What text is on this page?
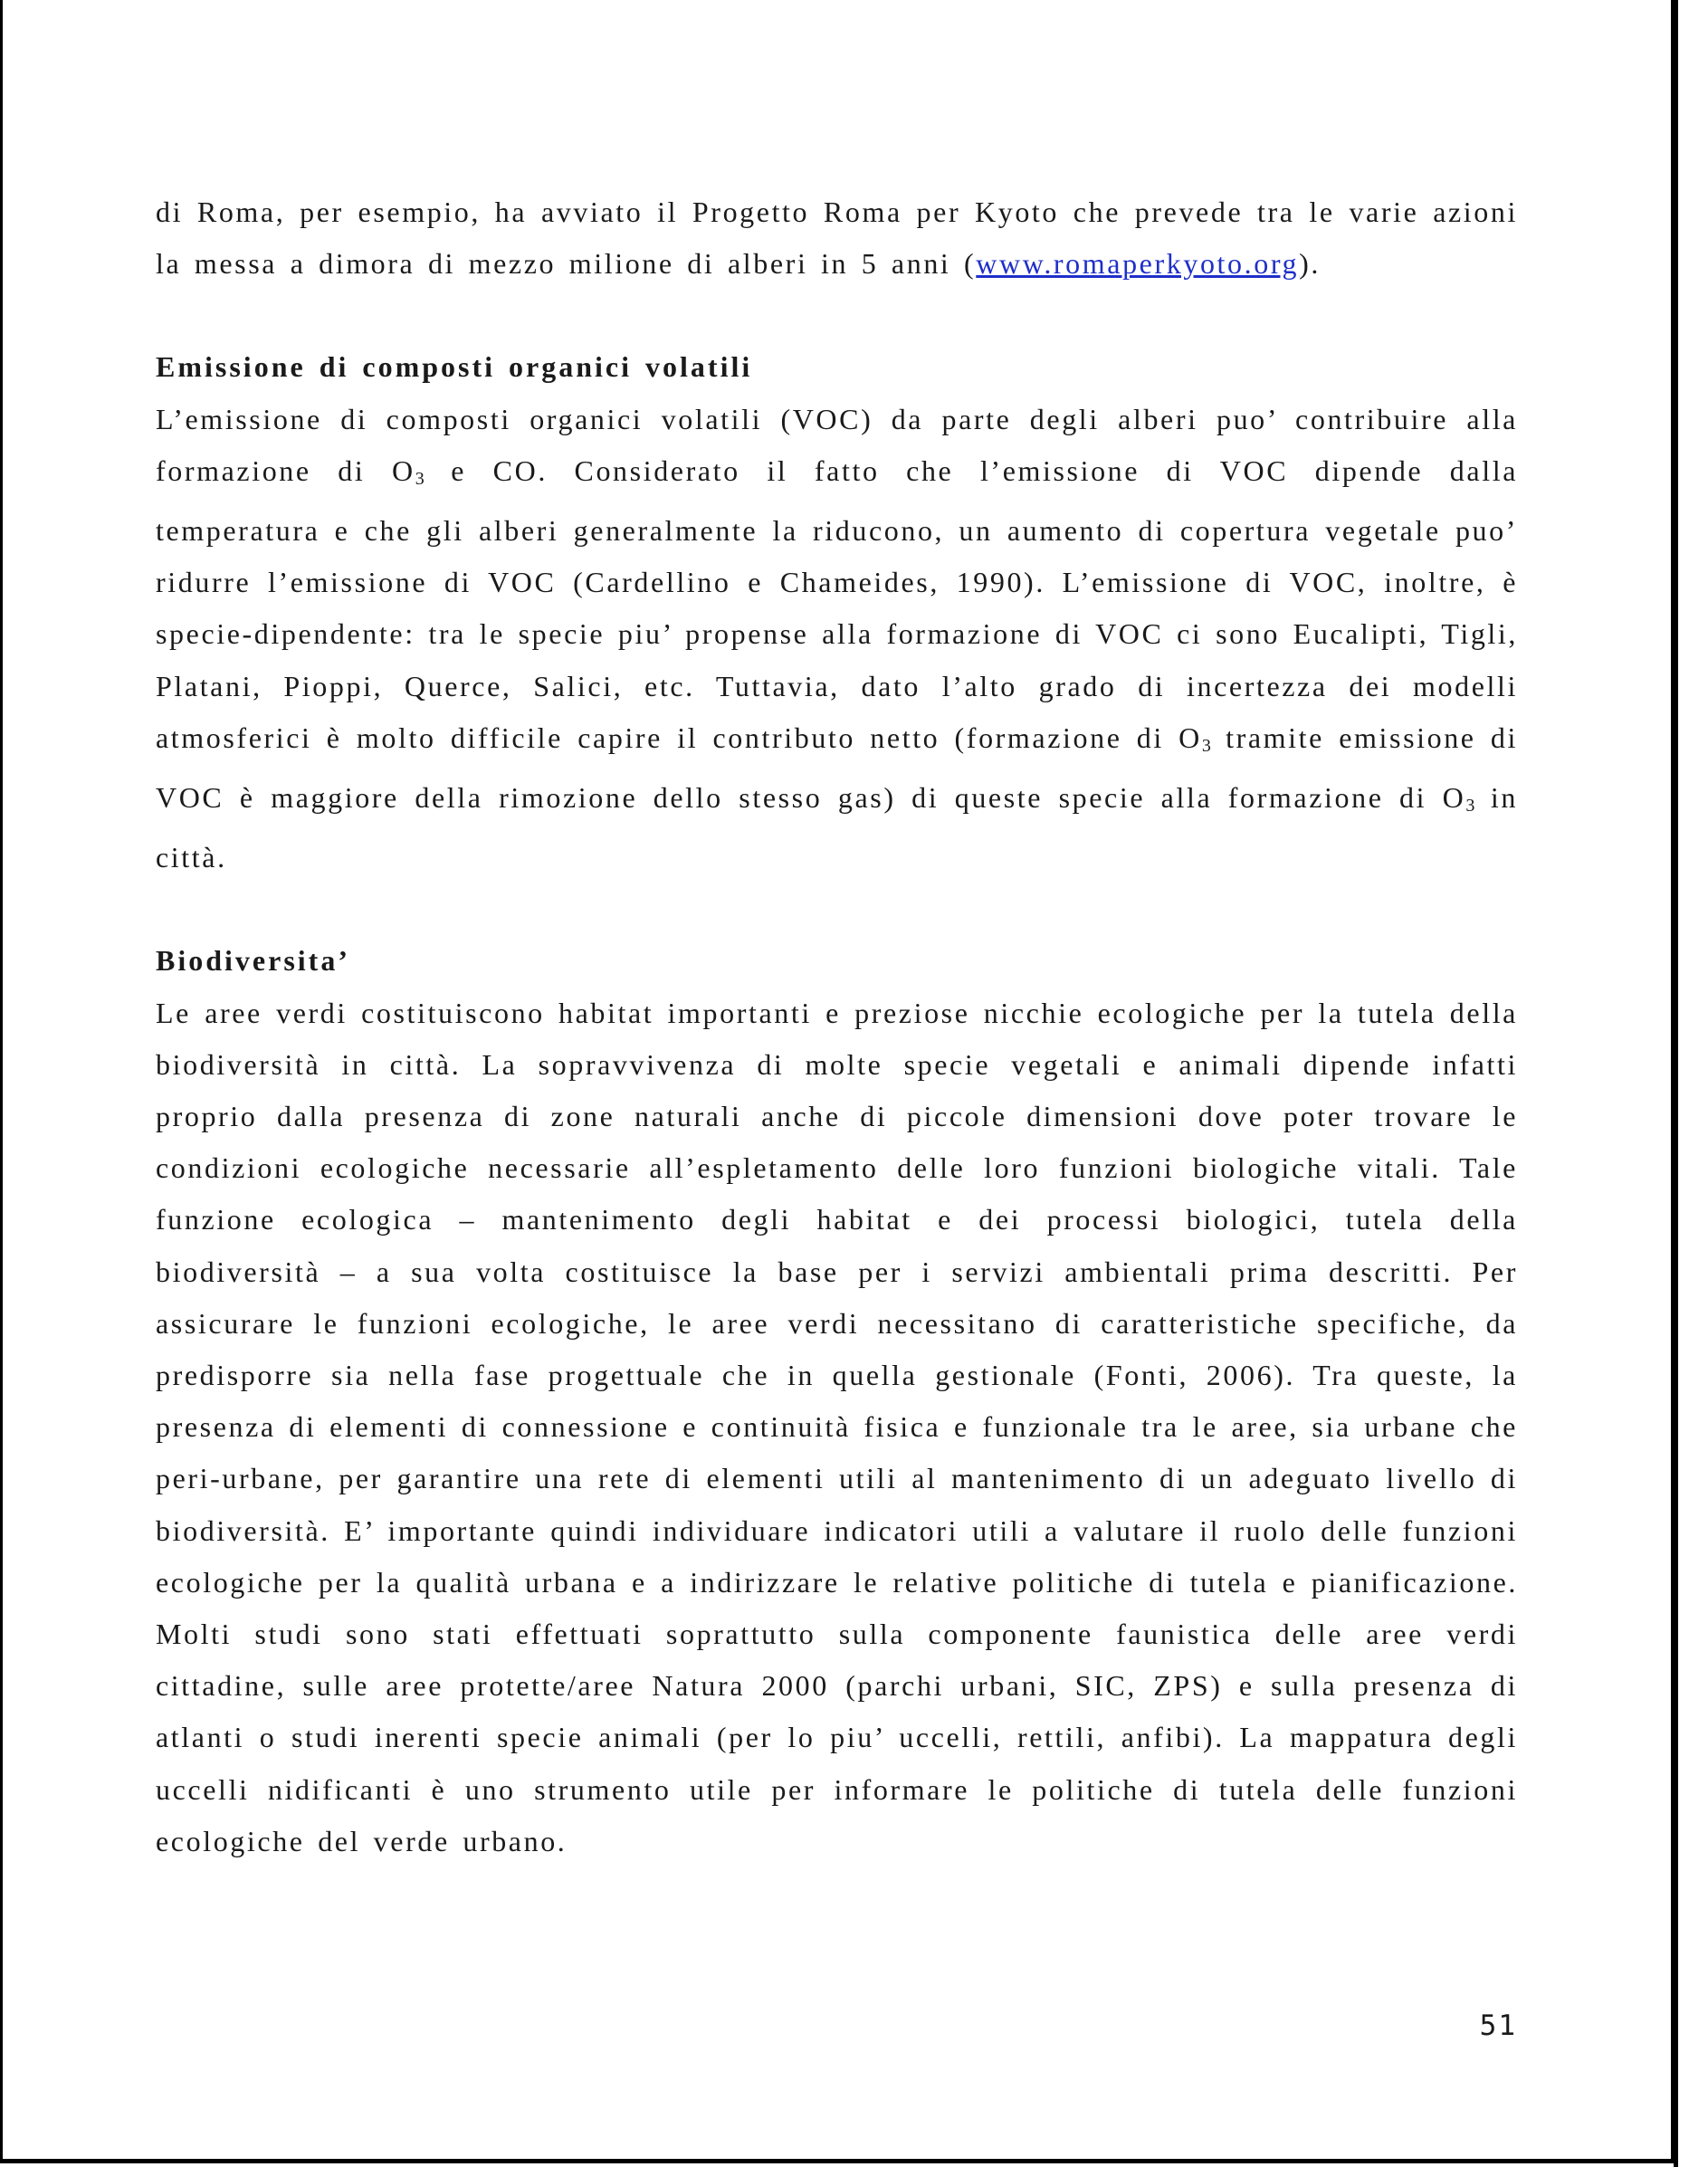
di Roma, per esempio, ha avviato il Progetto Roma per Kyoto che prevede tra le varie azioni la messa a dimora di mezzo milione di alberi in 5 anni (www.romaperkyoto.org).

Emissione di composti organici volatili

L’emissione di composti organici volatili (VOC) da parte degli alberi puo’ contribuire alla formazione di $O_3$ e CO. Considerato il fatto che l’emissione di VOC dipende dalla temperatura e che gli alberi generalmente la riducono, un aumento di copertura vegetale puo’ ridurre l’emissione di VOC (Cardellino e Chameides, 1990). L’emissione di VOC, inoltre, è specie-dipendente: tra le specie piu’ propense alla formazione di VOC ci sono Eucalipti, Tigli, Platani, Pioppi, Querce, Salici, etc. Tuttavia, dato l’alto grado di incertezza dei modelli atmosferici è molto difficile capire il contributo netto (formazione di $O_3$ tramite emissione di VOC è maggiore della rimozione dello stesso gas) di queste specie alla formazione di $O_3$ in città.

Biodiversita’

Le aree verdi costituiscono habitat importanti e preziose nicchie ecologiche per la tutela della biodiversità in città. La sopravvivenza di molte specie vegetali e animali dipende infatti proprio dalla presenza di zone naturali anche di piccole dimensioni dove poter trovare le condizioni ecologiche necessarie all’espletamento delle loro funzioni biologiche vitali. Tale funzione ecologica – mantenimento degli habitat e dei processi biologici, tutela della biodiversità – a sua volta costituisce la base per i servizi ambientali prima descritti. Per assicurare le funzioni ecologiche, le aree verdi necessitano di caratteristiche specifiche, da predisporre sia nella fase progettuale che in quella gestionale (Fonti, 2006). Tra queste, la presenza di elementi di connessione e continuità fisica e funzionale tra le aree, sia urbane che peri-urbane, per garantire una rete di elementi utili al mantenimento di un adeguato livello di biodiversità. E’ importante quindi individuare indicatori utili a valutare il ruolo delle funzioni ecologiche per la qualità urbana e a indirizzare le relative politiche di tutela e pianificazione. Molti studi sono stati effettuati soprattutto sulla componente faunistica delle aree verdi cittadine, sulle aree protette/aree Natura 2000 (parchi urbani, SIC, ZPS) e sulla presenza di atlanti o studi inerenti specie animali (per lo piu’ uccelli, rettili, anfibi). La mappatura degli uccelli nidificanti è uno strumento utile per informare le politiche di tutela delle funzioni ecologiche del verde urbano.

51
